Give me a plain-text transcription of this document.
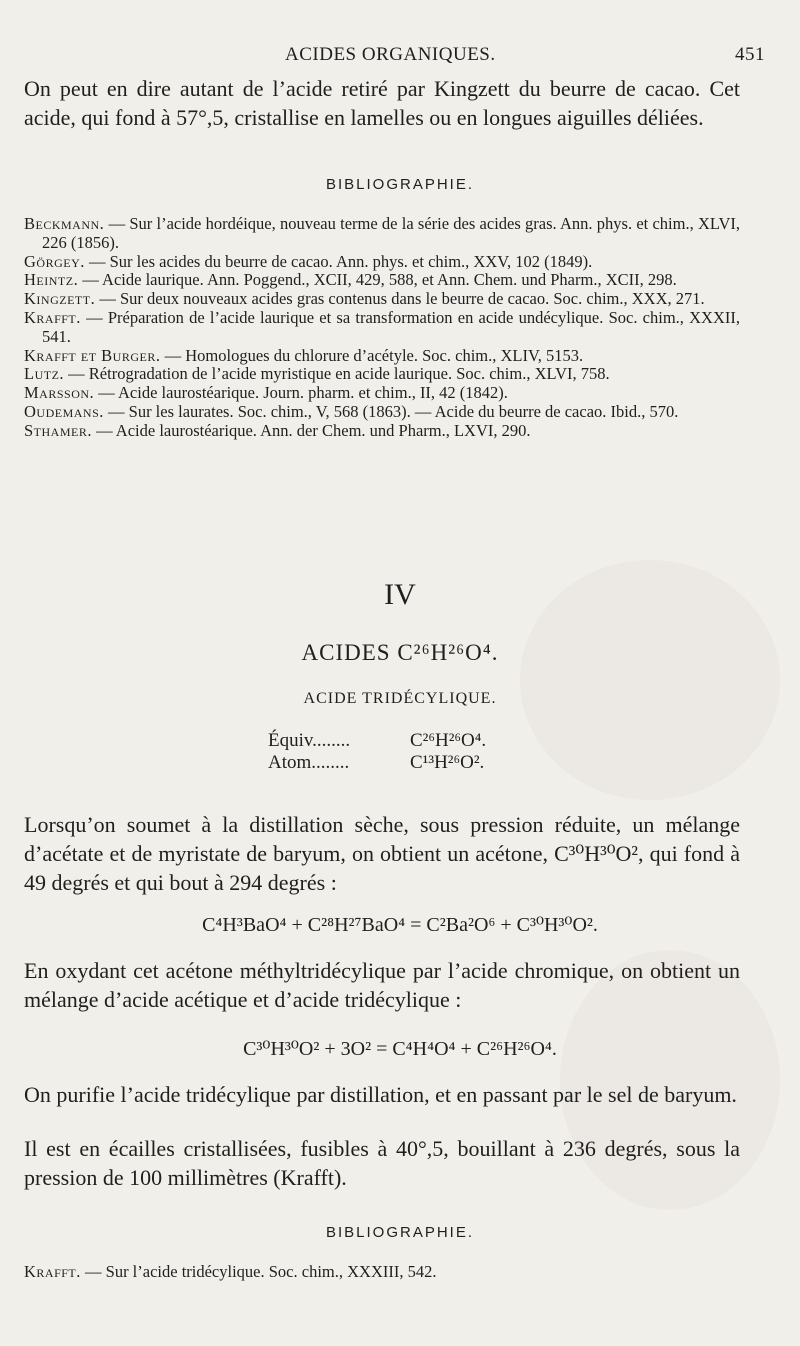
ACIDES ORGANIQUES.	451

On peut en dire autant de l’acide retiré par Kingzett du beurre de cacao. Cet acide, qui fond à 57°,5, cristallise en lamelles ou en longues aiguilles déliées.

BIBLIOGRAPHIE.

Beckmann. — Sur l’acide hordéique, nouveau terme de la série des acides gras. Ann. phys. et chim., XLVI, 226 (1856).

Görgey. — Sur les acides du beurre de cacao. Ann. phys. et chim., XXV, 102 (1849).

Heintz. — Acide laurique. Ann. Poggend., XCII, 429, 588, et Ann. Chem. und Pharm., XCII, 298.

Kingzett. — Sur deux nouveaux acides gras contenus dans le beurre de cacao. Soc. chim., XXX, 271.

Krafft. — Préparation de l’acide laurique et sa transformation en acide undécylique. Soc. chim., XXXII, 541.

Krafft et Burger. — Homologues du chlorure d’acétyle. Soc. chim., XLIV, 5153.

Lutz. — Rétrogradation de l’acide myristique en acide laurique. Soc. chim., XLVI, 758.

Marsson. — Acide laurostéarique. Journ. pharm. et chim., II, 42 (1842).

Oudemans. — Sur les laurates. Soc. chim., V, 568 (1863). — Acide du beurre de cacao. Ibid., 570.

Sthamer. — Acide laurostéarique. Ann. der Chem. und Pharm., LXVI, 290.

IV
ACIDES C²⁶H²⁶O⁴.
ACIDE TRIDÉCYLIQUE.
Équiv........	C²⁶H²⁶O⁴.
Atom........	C¹³H²⁶O².

Lorsqu’on soumet à la distillation sèche, sous pression réduite, un mélange d’acétate et de myristate de baryum, on obtient un acétone, C³⁰H³⁰O², qui fond à 49 degrés et qui bout à 294 degrés :

C⁴H³BaO⁴ + C²⁸H²⁷BaO⁴ = C²Ba²O⁶ + C³⁰H³⁰O².

En oxydant cet acétone méthyltridécylique par l’acide chromique, on obtient un mélange d’acide acétique et d’acide tridécylique :

C³⁰H³⁰O² + 3O² = C⁴H⁴O⁴ + C²⁶H²⁶O⁴.

On purifie l’acide tridécylique par distillation, et en passant par le sel de baryum.

Il est en écailles cristallisées, fusibles à 40°,5, bouillant à 236 degrés, sous la pression de 100 millimètres (Krafft).

BIBLIOGRAPHIE.
Krafft. — Sur l’acide tridécylique. Soc. chim., XXXIII, 542.
